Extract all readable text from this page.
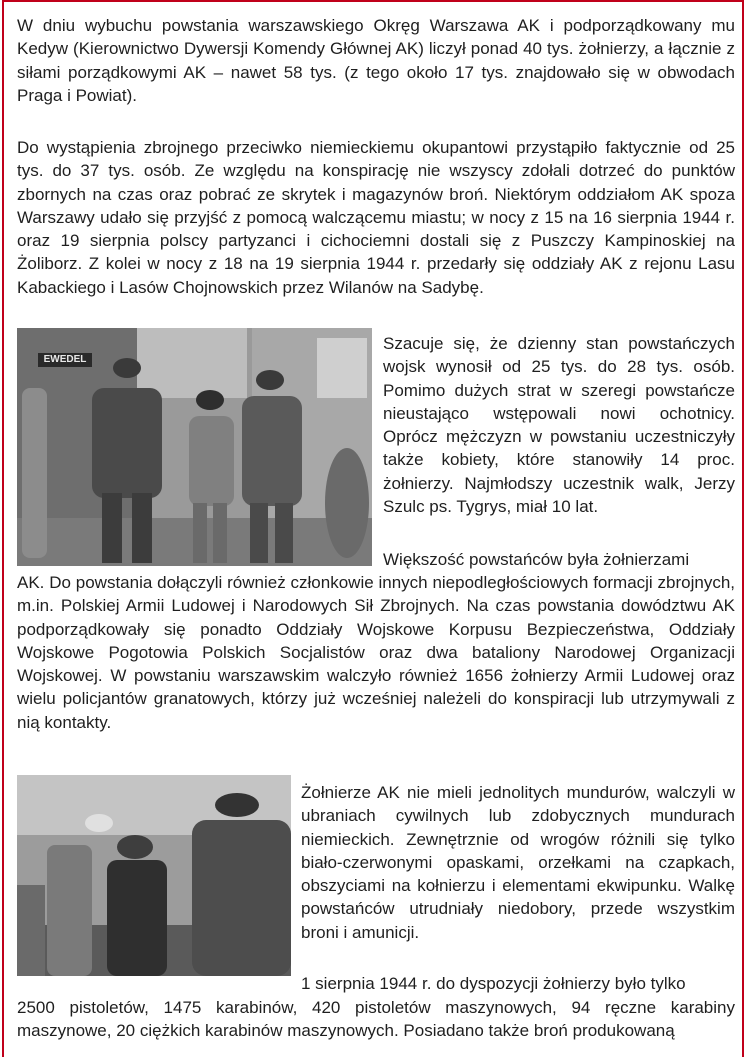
W dniu wybuchu powstania warszawskiego Okręg Warszawa AK i podporządkowany mu Kedyw (Kierownictwo Dywersji Komendy Głównej AK) liczył ponad 40 tys. żołnierzy, a łącznie z siłami porządkowymi AK – nawet 58 tys. (z tego około 17 tys. znajdowało się w obwodach Praga i Powiat).

Do wystąpienia zbrojnego przeciwko niemieckiemu okupantowi przystąpiło faktycznie od 25 tys. do 37 tys. osób. Ze względu na konspirację nie wszyscy zdołali dotrzeć do punktów zbornych na czas oraz pobrać ze skrytek i magazynów broń. Niektórym oddziałom AK spoza Warszawy udało się przyjść z pomocą walczącemu miastu; w nocy z 15 na 16 sierpnia 1944 r. oraz 19 sierpnia polscy partyzanci i cichociemni dostali się z Puszczy Kampinoskiej na Żoliborz. Z kolei w nocy z 18 na 19 sierpnia 1944 r. przedarły się oddziały AK z rejonu Lasu Kabackiego i Lasów Chojnowskich przez Wilanów na Sadybę.

EWEDEL

Szacuje się, że dzienny stan powstańczych wojsk wynosił od 25 tys. do 28 tys. osób. Pomimo dużych strat w szeregi powstańcze nieustająco wstępowali nowi ochotnicy. Oprócz mężczyzn w powstaniu uczestniczyły także kobiety, które stanowiły 14 proc. żołnierzy. Najmłodszy uczestnik walk, Jerzy Szulc ps. Tygrys, miał 10 lat.

Większość powstańców była żołnierzami

AK. Do powstania dołączyli również członkowie innych niepodległościowych formacji zbrojnych, m.in. Polskiej Armii Ludowej i Narodowych Sił Zbrojnych. Na czas powstania dowództwu AK podporządkowały się ponadto Oddziały Wojskowe Korpusu Bezpieczeństwa, Oddziały Wojskowe Pogotowia Polskich Socjalistów oraz dwa bataliony Narodowej Organizacji Wojskowej. W powstaniu warszawskim walczyło również 1656 żołnierzy Armii Ludowej oraz wielu policjantów granatowych, którzy już wcześniej należeli do konspiracji lub utrzymywali z nią kontakty.

Żołnierze AK nie mieli jednolitych mundurów, walczyli w ubraniach cywilnych lub zdobycznych mundurach niemieckich. Zewnętrznie od wrogów różnili się tylko biało-czerwonymi opaskami, orzełkami na czapkach, obszyciami na kołnierzu i elementami ekwipunku. Walkę powstańców utrudniały niedobory, przede wszystkim broni i amunicji.

1 sierpnia 1944 r. do dyspozycji żołnierzy było tylko

2500 pistoletów, 1475 karabinów, 420 pistoletów maszynowych, 94 ręczne karabiny maszynowe, 20 ciężkich karabinów maszynowych. Posiadano także broń produkowaną
